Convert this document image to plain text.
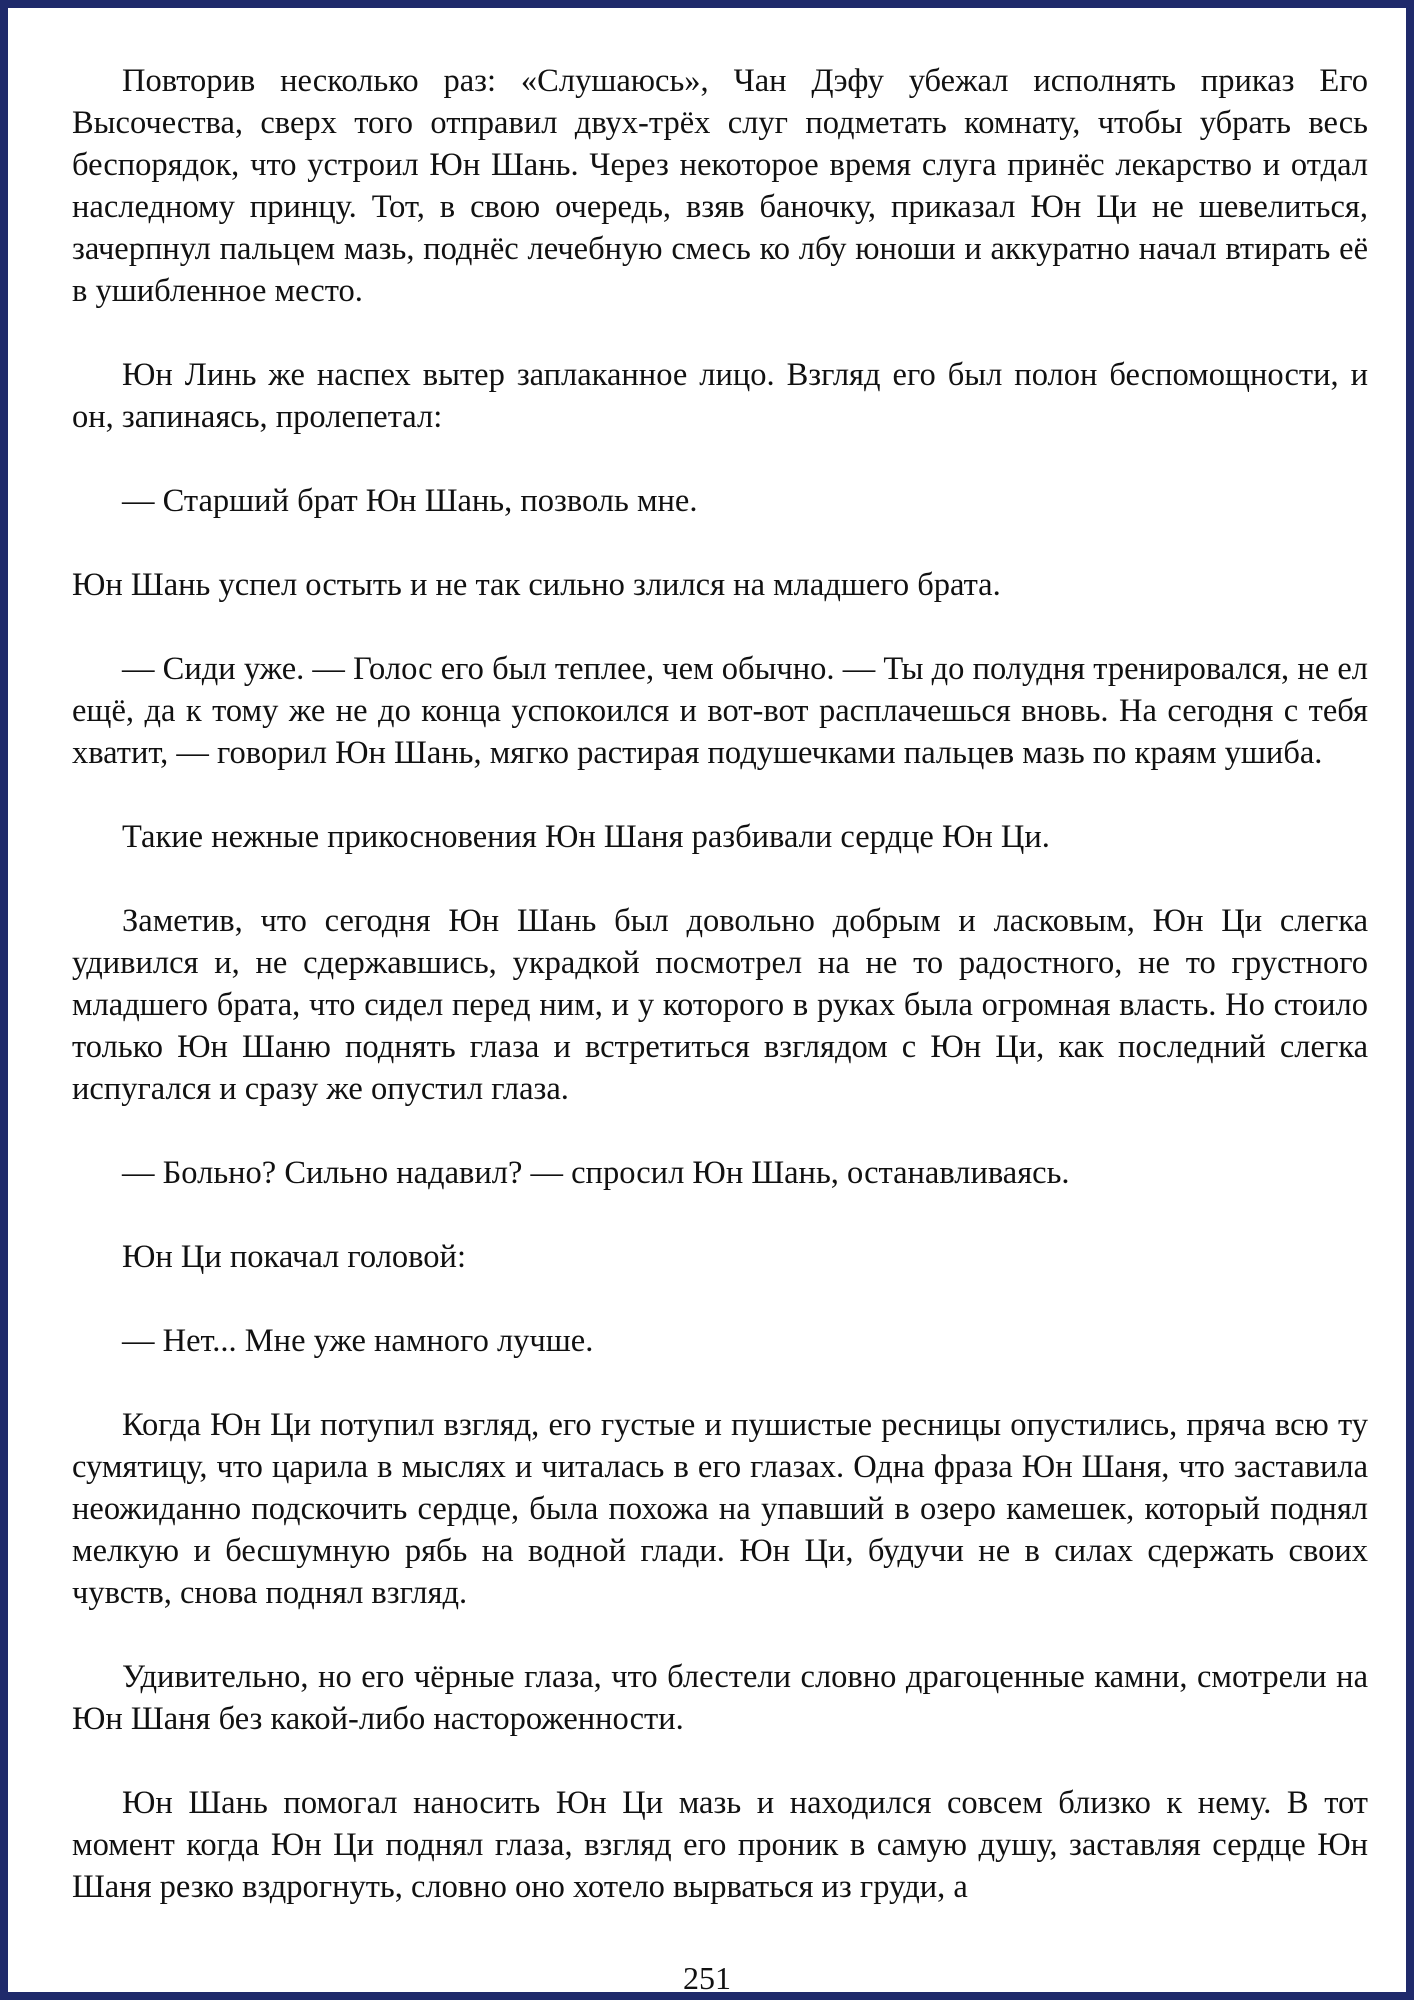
Повторив несколько раз: «Слушаюсь», Чан Дэфу убежал исполнять приказ Его Высочества, сверх того отправил двух-трёх слуг подметать комнату, чтобы убрать весь беспорядок, что устроил Юн Шань. Через некоторое время слуга принёс лекарство и отдал наследному принцу. Тот, в свою очередь, взяв баночку, приказал Юн Ци не шевелиться, зачерпнул пальцем мазь, поднёс лечебную смесь ко лбу юноши и аккуратно начал втирать её в ушибленное место.

Юн Линь же наспех вытер заплаканное лицо. Взгляд его был полон беспомощности, и он, запинаясь, пролепетал:

— Старший брат Юн Шань, позволь мне.

Юн Шань успел остыть и не так сильно злился на младшего брата.

— Сиди уже. — Голос его был теплее, чем обычно. — Ты до полудня тренировался, не ел ещё, да к тому же не до конца успокоился и вот-вот расплачешься вновь. На сегодня с тебя хватит, — говорил Юн Шань, мягко растирая подушечками пальцев мазь по краям ушиба.

Такие нежные прикосновения Юн Шаня разбивали сердце Юн Ци.

Заметив, что сегодня Юн Шань был довольно добрым и ласковым, Юн Ци слегка удивился и, не сдержавшись, украдкой посмотрел на не то радостного, не то грустного младшего брата, что сидел перед ним, и у которого в руках была огромная власть. Но стоило только Юн Шаню поднять глаза и встретиться взглядом с Юн Ци, как последний слегка испугался и сразу же опустил глаза.

— Больно? Сильно надавил? — спросил Юн Шань, останавливаясь.

Юн Ци покачал головой:

— Нет... Мне уже намного лучше.

Когда Юн Ци потупил взгляд, его густые и пушистые ресницы опустились, пряча всю ту сумятицу, что царила в мыслях и читалась в его глазах. Одна фраза Юн Шаня, что заставила неожиданно подскочить сердце, была похожа на упавший в озеро камешек, который поднял мелкую и бесшумную рябь на водной глади. Юн Ци, будучи не в силах сдержать своих чувств, снова поднял взгляд.

Удивительно, но его чёрные глаза, что блестели словно драгоценные камни, смотрели на Юн Шаня без какой-либо настороженности.

Юн Шань помогал наносить Юн Ци мазь и находился совсем близко к нему. В тот момент когда Юн Ци поднял глаза, взгляд его проник в самую душу, заставляя сердце Юн Шаня резко вздрогнуть, словно оно хотело вырваться из груди, а

251
